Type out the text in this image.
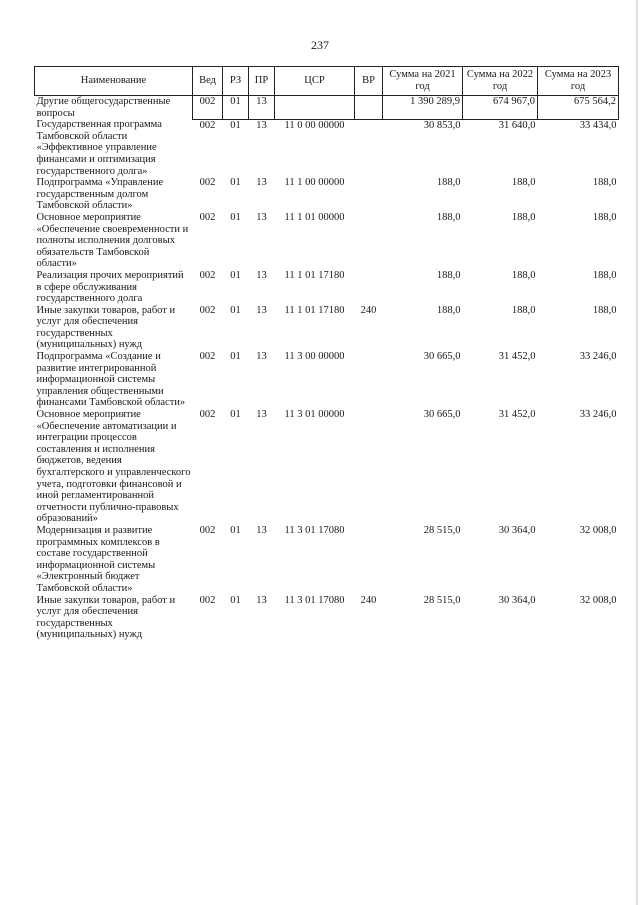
237
Наименование	Вед	РЗ	ПР	ЦСР	ВР	Сумма на 2021 год	Сумма на 2022 год	Сумма на 2023 год
Другие общегосударственные вопросы	002	01	13			1 390 289,9	674 967,0	675 564,2
Государственная программа Тамбовской области «Эффективное управление финансами и оптимизация государственного долга»	002	01	13	11 0 00 00000		30 853,0	31 640,0	33 434,0
Подпрограмма «Управление государственным долгом Тамбовской области»	002	01	13	11 1 00 00000		188,0	188,0	188,0
Основное мероприятие «Обеспечение своевременности и полноты исполнения долговых обязательств Тамбовской области»	002	01	13	11 1 01 00000		188,0	188,0	188,0
Реализация прочих мероприятий в сфере обслуживания государственного долга	002	01	13	11 1 01 17180		188,0	188,0	188,0
Иные закупки товаров, работ и услуг для обеспечения государственных (муниципальных) нужд	002	01	13	11 1 01 17180	240	188,0	188,0	188,0
Подпрограмма «Создание и развитие интегрированной информационной системы управления общественными финансами Тамбовской области»	002	01	13	11 3 00 00000		30 665,0	31 452,0	33 246,0
Основное мероприятие «Обеспечение автоматизации и интеграции процессов составления и исполнения бюджетов, ведения бухгалтерского и управленческого учета, подготовки финансовой и иной регламентированной отчетности публично-правовых образований»	002	01	13	11 3 01 00000		30 665,0	31 452,0	33 246,0
Модернизация и развитие программных комплексов в составе государственной информационной системы «Электронный бюджет Тамбовской области»	002	01	13	11 3 01 17080		28 515,0	30 364,0	32 008,0
Иные закупки товаров, работ и услуг для обеспечения государственных (муниципальных) нужд	002	01	13	11 3 01 17080	240	28 515,0	30 364,0	32 008,0
